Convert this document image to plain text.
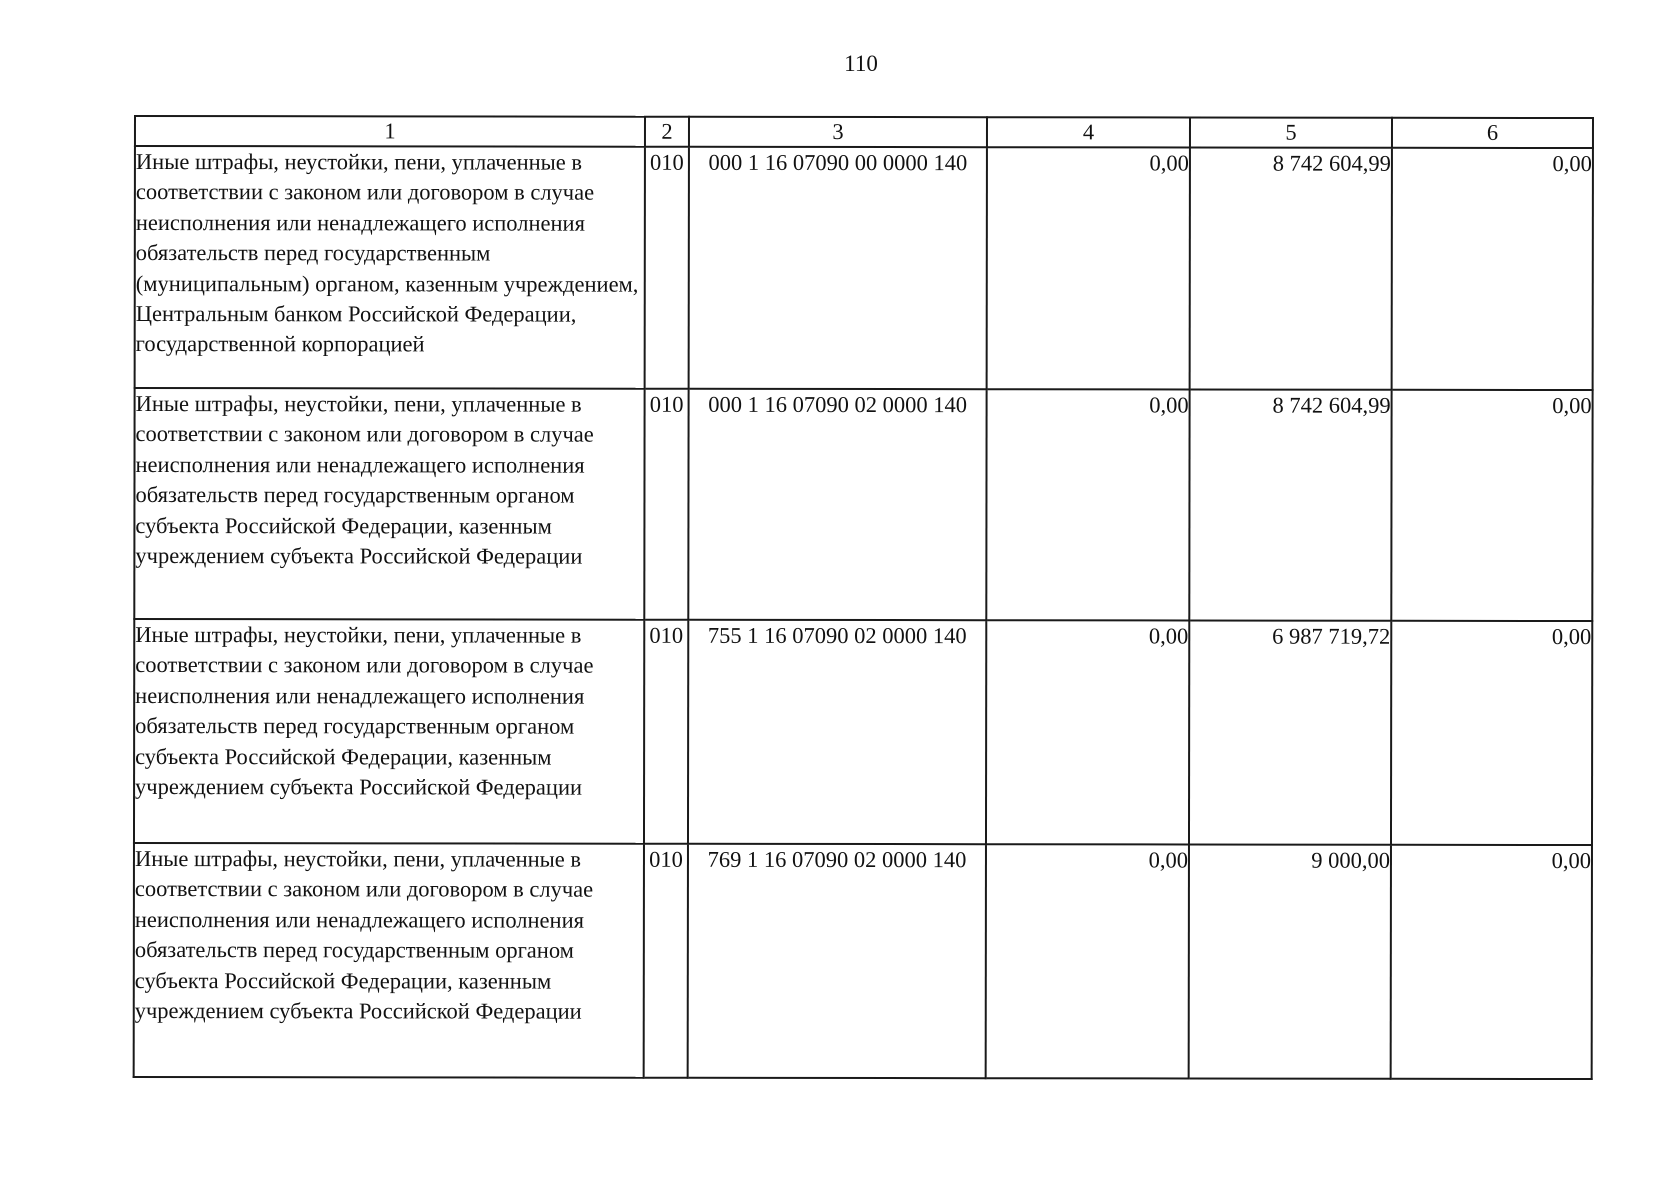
110
1	2	3	4	5	6
Иные штрафы, неустойки, пени, уплаченные в соответствии с законом или договором в случае неисполнения или ненадлежащего исполнения обязательств перед государственным (муниципальным) органом, казенным учреждением, Центральным банком Российской Федерации, государственной корпорацией	010	000 1 16 07090 00 0000 140	0,00	8 742 604,99	0,00
Иные штрафы, неустойки, пени, уплаченные в соответствии с законом или договором в случае неисполнения или ненадлежащего исполнения обязательств перед государственным органом субъекта Российской Федерации, казенным учреждением субъекта Российской Федерации	010	000 1 16 07090 02 0000 140	0,00	8 742 604,99	0,00
Иные штрафы, неустойки, пени, уплаченные в соответствии с законом или договором в случае неисполнения или ненадлежащего исполнения обязательств перед государственным органом субъекта Российской Федерации, казенным учреждением субъекта Российской Федерации	010	755 1 16 07090 02 0000 140	0,00	6 987 719,72	0,00
Иные штрафы, неустойки, пени, уплаченные в соответствии с законом или договором в случае неисполнения или ненадлежащего исполнения обязательств перед государственным органом субъекта Российской Федерации, казенным учреждением субъекта Российской Федерации	010	769 1 16 07090 02 0000 140	0,00	9 000,00	0,00
